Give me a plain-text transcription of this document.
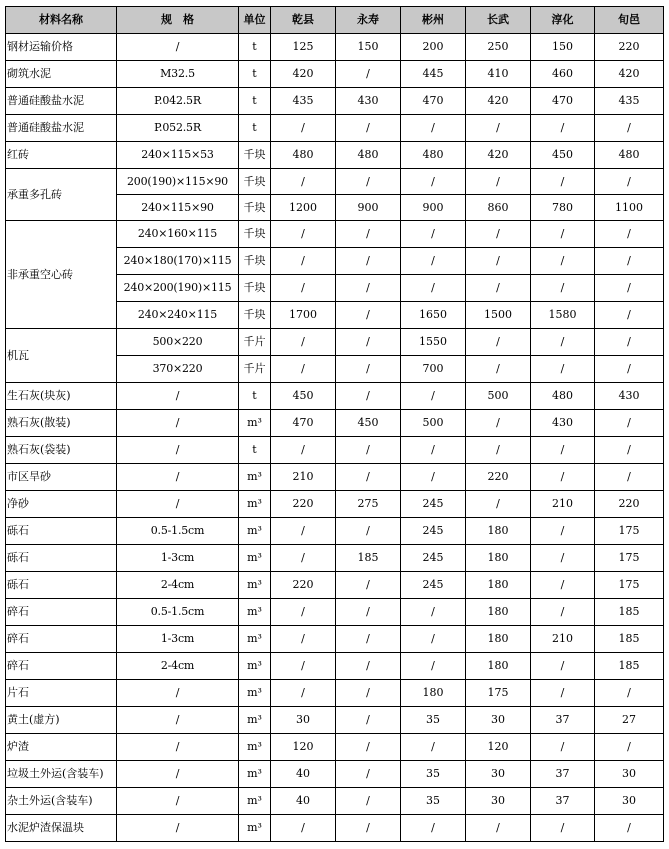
材料名称	规　格	单位	乾县	永寿	彬州	长武	淳化	旬邑
钢材运输价格	/	t	125	150	200	250	150	220
砌筑水泥	M32.5	t	420	/	445	410	460	420
普通硅酸盐水泥	P.042.5R	t	435	430	470	420	470	435
普通硅酸盐水泥	P.052.5R	t	/	/	/	/	/	/
红砖	240×115×53	千块	480	480	480	420	450	480
承重多孔砖	200(190)×115×90	千块	/	/	/	/	/	/
	240×115×90	千块	1200	900	900	860	780	1100
非承重空心砖	240×160×115	千块	/	/	/	/	/	/
	240×180(170)×115	千块	/	/	/	/	/	/
	240×200(190)×115	千块	/	/	/	/	/	/
	240×240×115	千块	1700	/	1650	1500	1580	/
机瓦	500×220	千片	/	/	1550	/	/	/
	370×220	千片	/	/	700	/	/	/
生石灰(块灰)	/	t	450	/	/	500	480	430
熟石灰(散装)	/	m³	470	450	500	/	430	/
熟石灰(袋装)	/	t	/	/	/	/	/	/
市区旱砂	/	m³	210	/	/	220	/	/
净砂	/	m³	220	275	245	/	210	220
砾石	0.5-1.5cm	m³	/	/	245	180	/	175
砾石	1-3cm	m³	/	185	245	180	/	175
砾石	2-4cm	m³	220	/	245	180	/	175
碎石	0.5-1.5cm	m³	/	/	/	180	/	185
碎石	1-3cm	m³	/	/	/	180	210	185
碎石	2-4cm	m³	/	/	/	180	/	185
片石	/	m³	/	/	180	175	/	/
黄土(虚方)	/	m³	30	/	35	30	37	27
炉渣	/	m³	120	/	/	120	/	/
垃圾土外运(含装车)	/	m³	40	/	35	30	37	30
杂土外运(含装车)	/	m³	40	/	35	30	37	30
水泥炉渣保温块	/	m³	/	/	/	/	/	/
